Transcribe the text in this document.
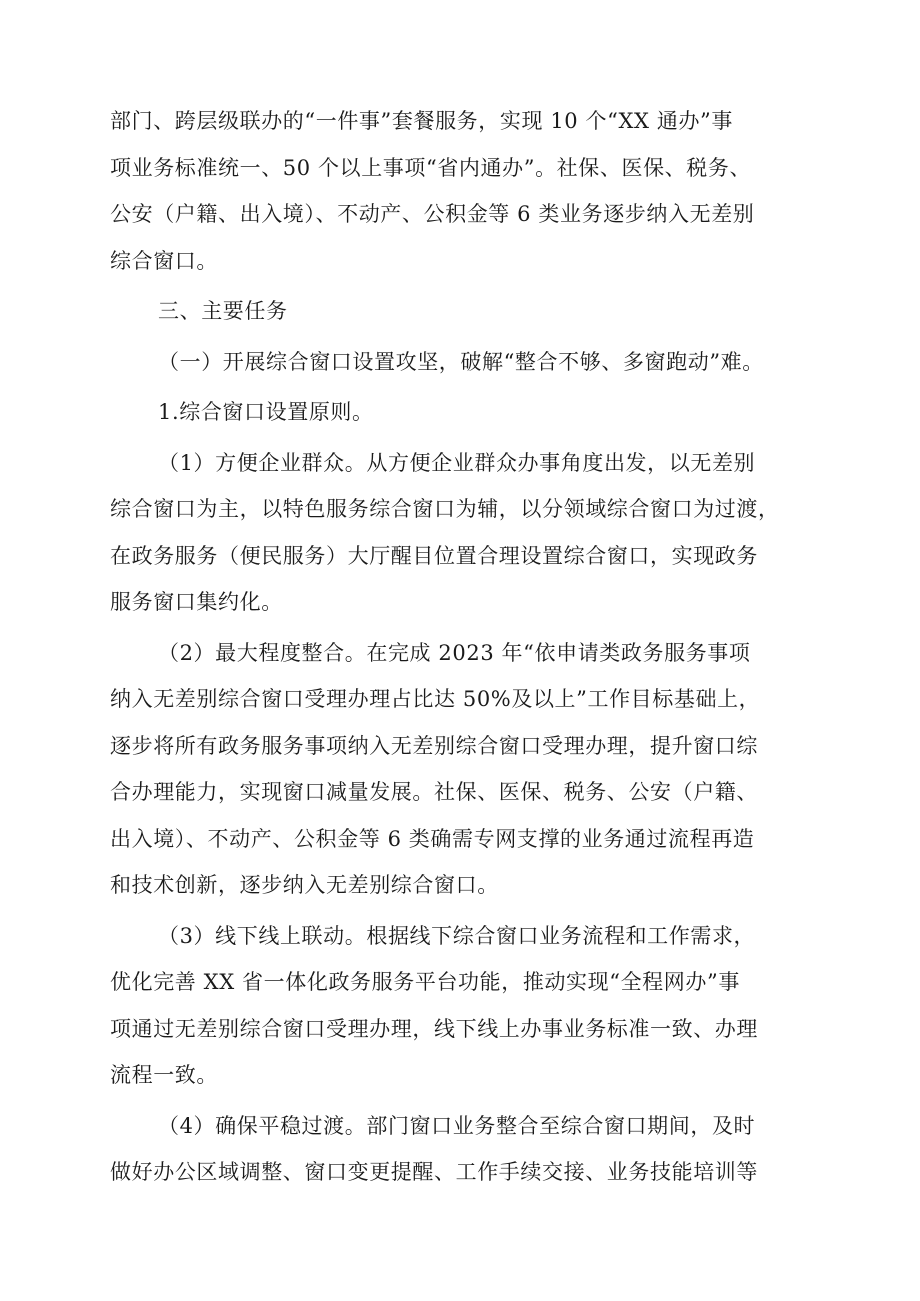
部门、跨层级联办的“一件事”套餐服务，实现 10 个“XX 通办”事
项业务标准统一、50 个以上事项“省内通办”。社保、医保、税务、
公安（户籍、出入境）、不动产、公积金等 6 类业务逐步纳入无差别
综合窗口。

三、主要任务

（一）开展综合窗口设置攻坚，破解“整合不够、多窗跑动”难。

1.综合窗口设置原则。

（1）方便企业群众。从方便企业群众办事角度出发，以无差别
综合窗口为主，以特色服务综合窗口为辅，以分领域综合窗口为过渡，
在政务服务（便民服务）大厅醒目位置合理设置综合窗口，实现政务
服务窗口集约化。

（2）最大程度整合。在完成 2023 年“依申请类政务服务事项
纳入无差别综合窗口受理办理占比达 50%及以上”工作目标基础上，
逐步将所有政务服务事项纳入无差别综合窗口受理办理，提升窗口综
合办理能力，实现窗口减量发展。社保、医保、税务、公安（户籍、
出入境）、不动产、公积金等 6 类确需专网支撑的业务通过流程再造
和技术创新，逐步纳入无差别综合窗口。

（3）线下线上联动。根据线下综合窗口业务流程和工作需求，
优化完善 XX 省一体化政务服务平台功能，推动实现“全程网办”事
项通过无差别综合窗口受理办理，线下线上办事业务标准一致、办理
流程一致。

（4）确保平稳过渡。部门窗口业务整合至综合窗口期间，及时
做好办公区域调整、窗口变更提醒、工作手续交接、业务技能培训等
